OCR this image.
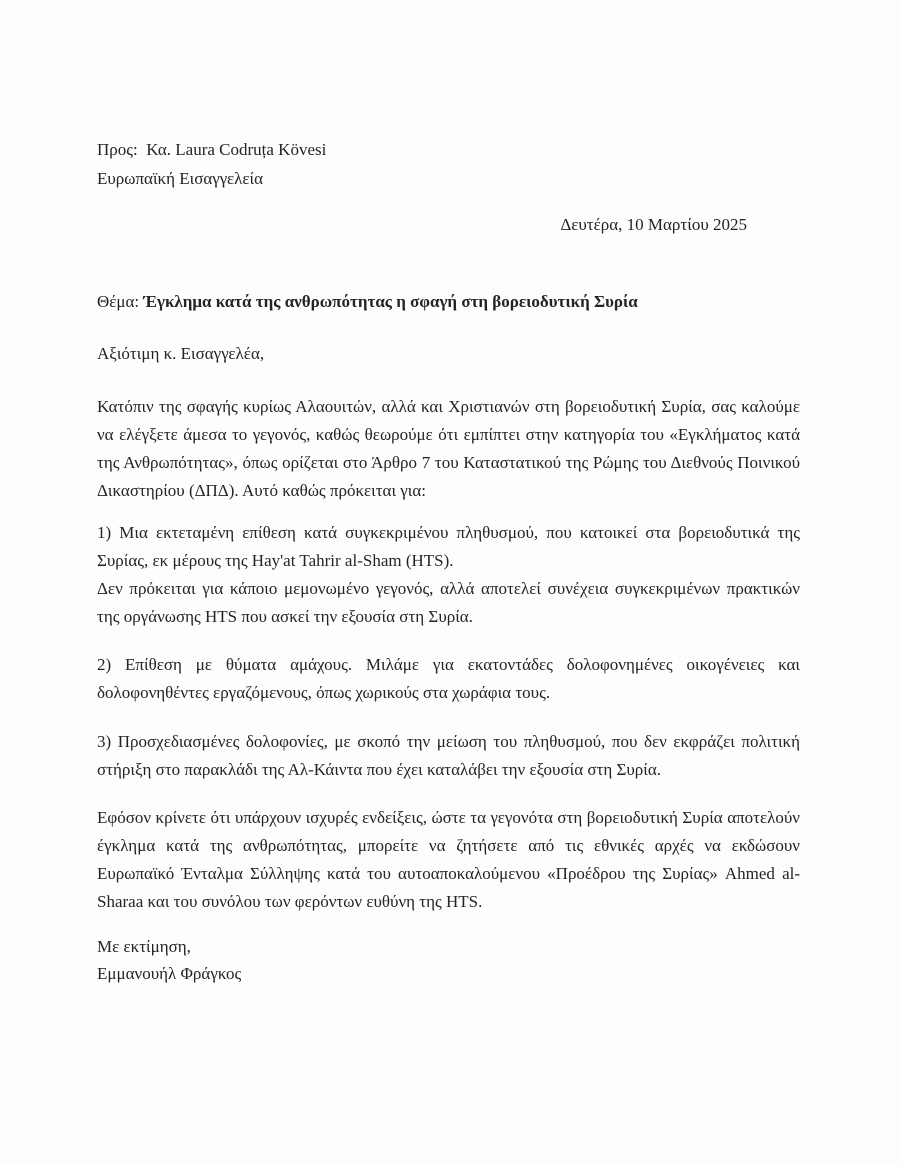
Προς:  Κα. Laura Codruța Kövesi
Ευρωπαϊκή Εισαγγελεία
Δευτέρα, 10 Μαρτίου 2025
Θέμα: Έγκλημα κατά της ανθρωπότητας η σφαγή στη βορειοδυτική Συρία
Αξιότιμη κ. Εισαγγελέα,
Κατόπιν της σφαγής κυρίως Αλαουιτών, αλλά και Χριστιανών στη βορειοδυτική Συρία, σας καλούμε να ελέγξετε άμεσα το γεγονός, καθώς θεωρούμε ότι εμπίπτει στην κατηγορία του «Εγκλήματος κατά της Ανθρωπότητας», όπως ορίζεται στο Άρθρο 7 του Καταστατικού της Ρώμης του Διεθνούς Ποινικού Δικαστηρίου (ΔΠΔ). Αυτό καθώς πρόκειται για:
1) Μια εκτεταμένη επίθεση κατά συγκεκριμένου πληθυσμού, που κατοικεί στα βορειοδυτικά της Συρίας, εκ μέρους της Hay'at Tahrir al-Sham (HTS).
Δεν πρόκειται για κάποιο μεμονωμένο γεγονός, αλλά αποτελεί συνέχεια συγκεκριμένων πρακτικών της οργάνωσης HTS που ασκεί την εξουσία στη Συρία.
2) Επίθεση με θύματα αμάχους. Μιλάμε για εκατοντάδες δολοφονημένες οικογένειες και δολοφονηθέντες εργαζόμενους, όπως χωρικούς στα χωράφια τους.
3) Προσχεδιασμένες δολοφονίες, με σκοπό την μείωση του πληθυσμού, που δεν εκφράζει πολιτική στήριξη στο παρακλάδι της Αλ-Κάιντα που έχει καταλάβει την εξουσία στη Συρία.
Εφόσον κρίνετε ότι υπάρχουν ισχυρές ενδείξεις, ώστε τα γεγονότα στη βορειοδυτική Συρία αποτελούν έγκλημα κατά της ανθρωπότητας, μπορείτε να ζητήσετε από τις εθνικές αρχές να εκδώσουν Ευρωπαϊκό Ένταλμα Σύλληψης κατά του αυτοαποκαλούμενου «Προέδρου της Συρίας» Ahmed al-Sharaa και του συνόλου των φερόντων ευθύνη της HTS.
Με εκτίμηση,
Εμμανουήλ Φράγκος
